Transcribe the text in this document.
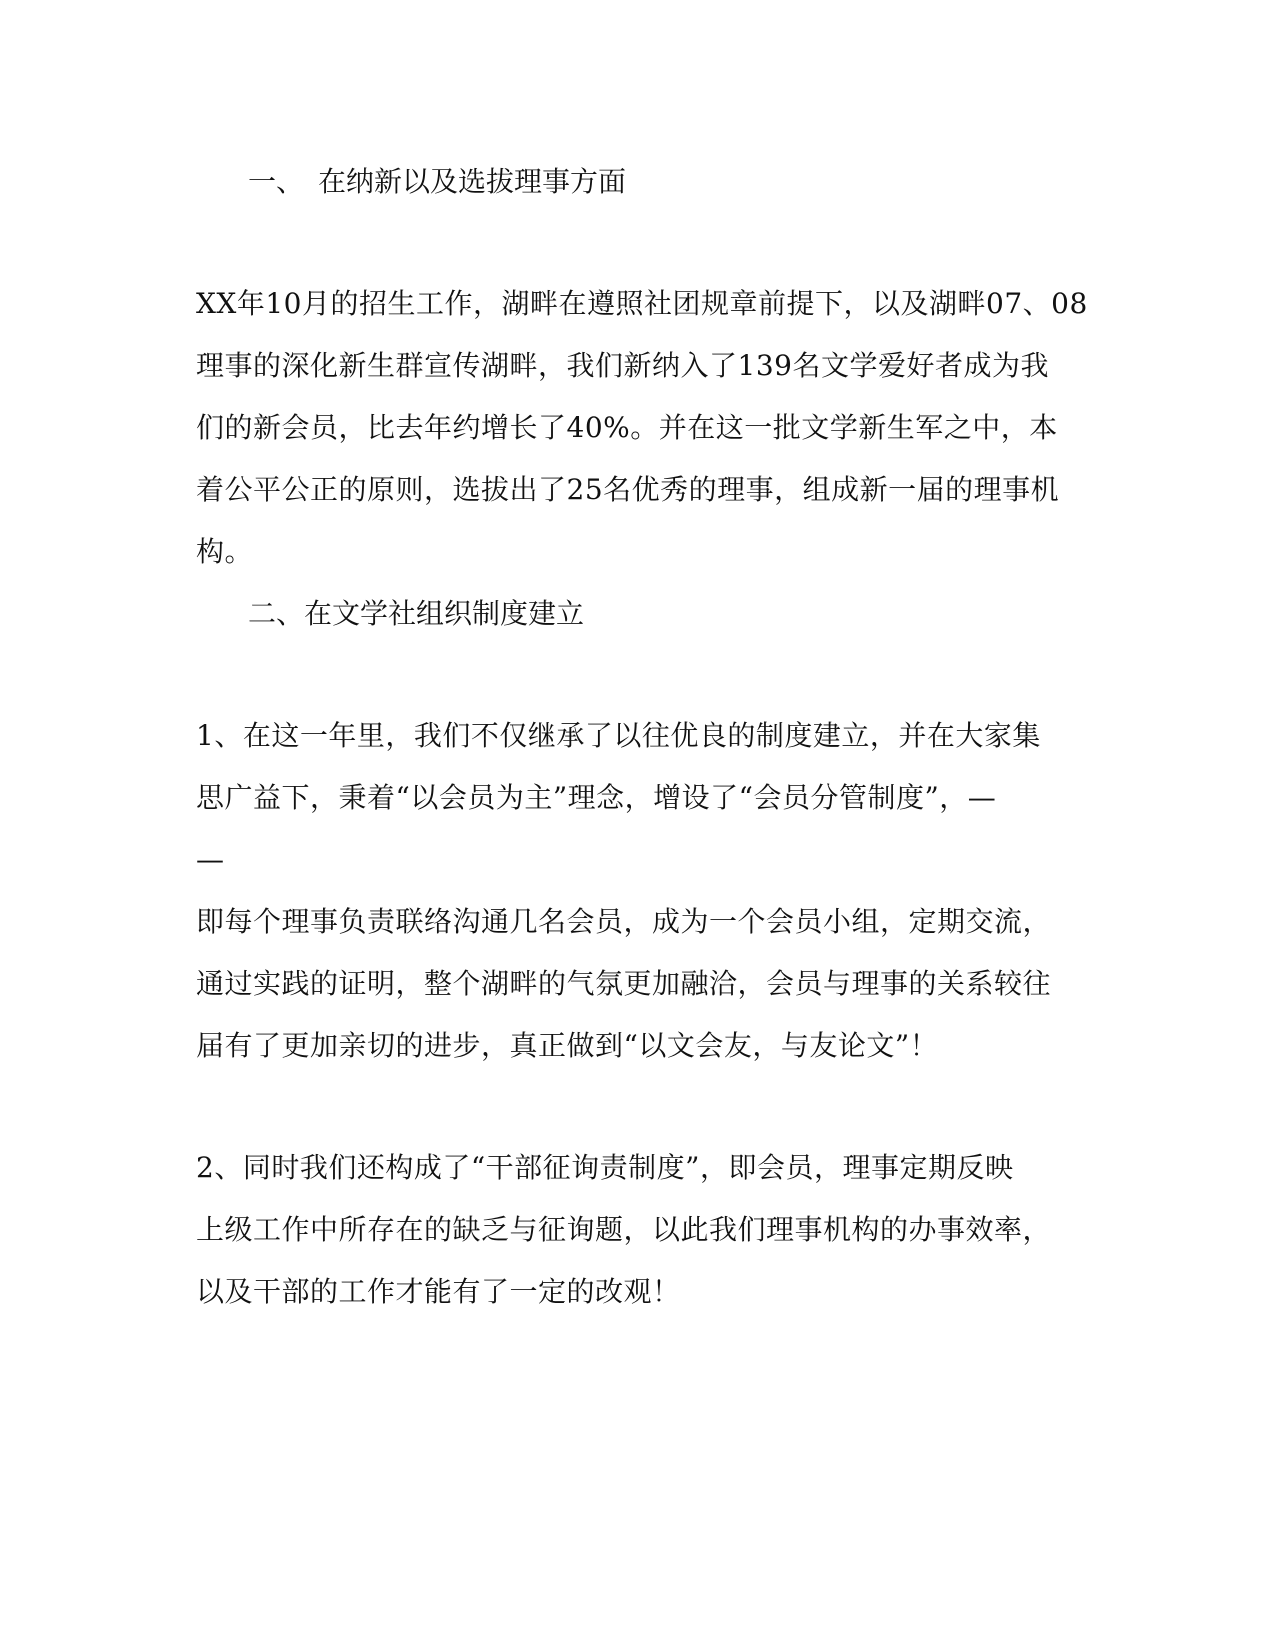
一、 在纳新以及选拔理事方面
XX年10月的招生工作，湖畔在遵照社团规章前提下，以及湖畔07、08
理事的深化新生群宣传湖畔，我们新纳入了139名文学爱好者成为我
们的新会员，比去年约增长了40%。并在这一批文学新生军之中，本
着公平公正的原则，选拔出了25名优秀的理事，组成新一届的理事机
构。
二、在文学社组织制度建立
1、在这一年里，我们不仅继承了以往优良的制度建立，并在大家集
思广益下，秉着“以会员为主”理念，增设了“会员分管制度”，—
—
即每个理事负责联络沟通几名会员，成为一个会员小组，定期交流，
通过实践的证明，整个湖畔的气氛更加融洽，会员与理事的关系较往
届有了更加亲切的进步，真正做到“以文会友，与友论文”！
2、同时我们还构成了“干部征询责制度”，即会员，理事定期反映
上级工作中所存在的缺乏与征询题，以此我们理事机构的办事效率，
以及干部的工作才能有了一定的改观！
